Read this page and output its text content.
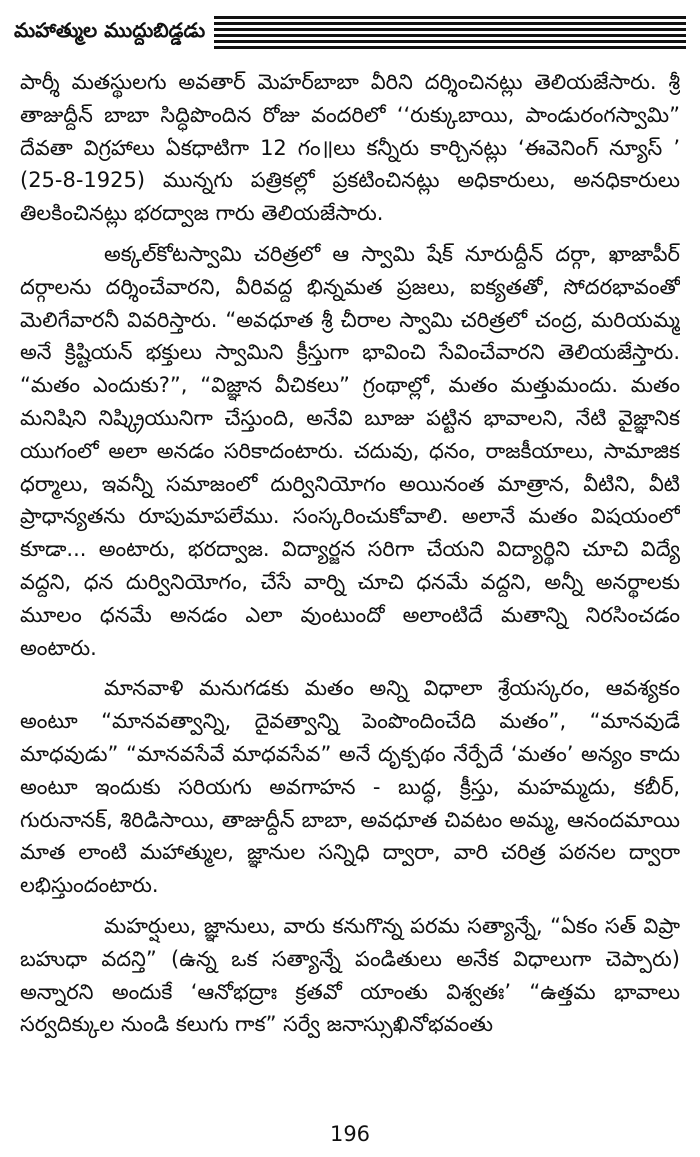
మహాత్ముల ముద్దుబిడ్డడు

పార్శీ మతస్థులగు అవతార్ మెహర్‌బాబా వీరిని దర్శించినట్లు తెలియజేసారు. శ్రీ తాజుద్దీన్ బాబా సిద్ధిపొందిన రోజు వందరిలో ‘‘రుక్కుబాయి, పాండురంగస్వామి” దేవతా విగ్రహాలు ఏకధాటిగా 12 గం॥లు కన్నీరు కార్చినట్లు ‘ఈవెనింగ్ న్యూస్ ’ (25-8-1925) మున్నగు పత్రికల్లో ప్రకటించినట్లు అధికారులు, అనధికారులు తిలకించినట్లు భరద్వాజ గారు తెలియజేసారు.

అక్కల్‌కోటస్వామి చరిత్రలో ఆ స్వామి షేక్ నూరుద్దీన్ దర్గా, ఖాజాపీర్ దర్గాలను దర్శించేవారని, వీరివద్ద భిన్నమత ప్రజలు, ఐక్యతతో, సోదరభావంతో మెలిగేవారనీ వివరిస్తారు. “అవధూత శ్రీ చీరాల స్వామి చరిత్రలో చంద్ర, మరియమ్మ అనే క్రిష్టియన్ భక్తులు స్వామిని క్రీస్తుగా భావించి సేవించేవారని తెలియజేస్తారు. “మతం ఎందుకు?”, “విజ్ఞాన వీచికలు” గ్రంథాల్లో, మతం మత్తుమందు. మతం మనిషిని నిష్క్రియునిగా చేస్తుంది, అనేవి బూజు పట్టిన భావాలని, నేటి వైజ్ఞానిక యుగంలో అలా అనడం సరికాదంటారు. చదువు, ధనం, రాజకీయాలు, సామాజిక ధర్మాలు, ఇవన్నీ సమాజంలో దుర్వినియోగం అయినంత మాత్రాన, వీటిని, వీటి ప్రాధాన్యతను రూపుమాపలేము. సంస్కరించుకోవాలి. అలానే మతం విషయంలో కూడా... అంటారు, భరద్వాజ. విద్యార్జన సరిగా చేయని విద్యార్థిని చూచి విద్యే వద్దని, ధన దుర్వినియోగం, చేసే వార్ని చూచి ధనమే వద్దని, అన్నీ అనర్థాలకు మూలం ధనమే అనడం ఎలా వుంటుందో అలాంటిదే మతాన్ని నిరసించడం అంటారు.

మానవాళి మనుగడకు మతం అన్ని విధాలా శ్రేయస్కరం, ఆవశ్యకం అంటూ “మానవత్వాన్ని, దైవత్వాన్ని పెంపొందించేది మతం”, “మానవుడే మాధవుడు” “మానవసేవే మాధవసేవ” అనే దృక్పథం నేర్పేదే ‘మతం’ అన్యం కాదు అంటూ ఇందుకు సరియగు అవగాహన - బుద్ధ, క్రీస్తు, మహమ్మదు, కబీర్, గురునానక్, శిరిడిసాయి, తాజుద్దీన్ బాబా, అవధూత చివటం అమ్మ, ఆనందమాయి మాత లాంటి మహాత్ముల, జ్ఞానుల సన్నిధి ద్వారా, వారి చరిత్ర పఠనల ద్వారా లభిస్తుందంటారు.

మహర్షులు, జ్ఞానులు, వారు కనుగొన్న పరమ సత్యాన్నే, “ఏకం సత్ విప్రా బహుధా వదన్తి” (ఉన్న ఒక సత్యాన్నే పండితులు అనేక విధాలుగా చెప్పారు) అన్నారని అందుకే ‘ఆనోభద్రాః క్రతవో యాంతు విశ్వతః’ “ఉత్తమ భావాలు సర్వదిక్కుల నుండి కలుగు గాక” సర్వే జనాస్సుఖినోభవంతు

196
